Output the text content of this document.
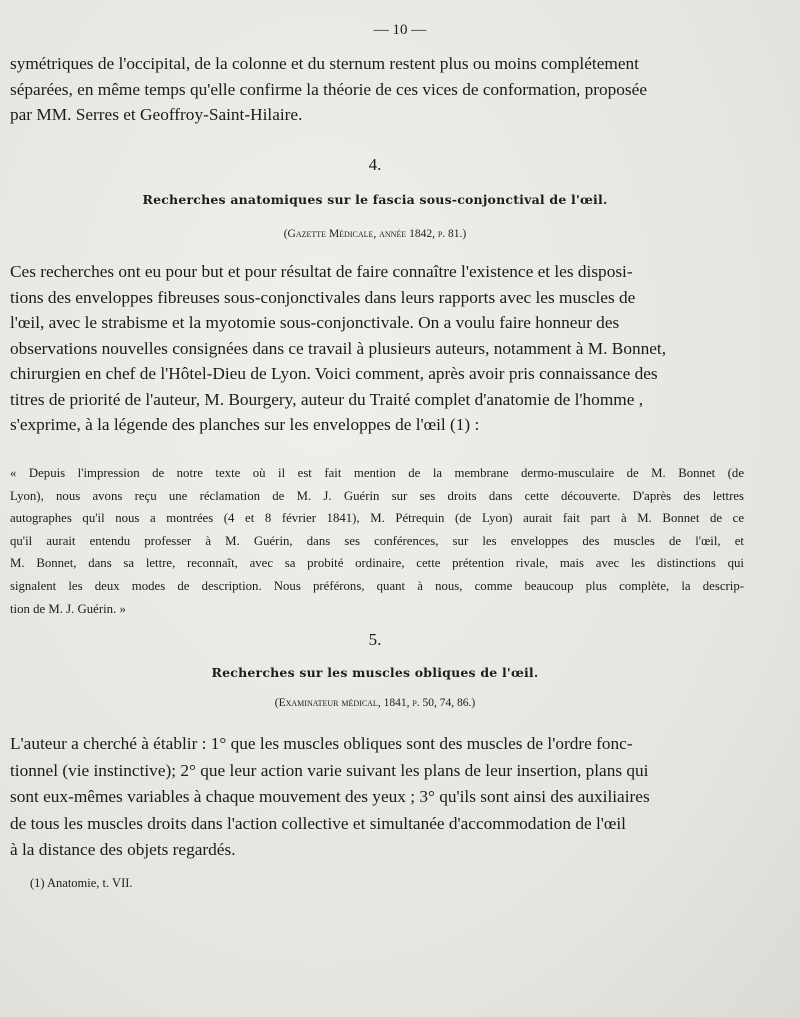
— 10 —
symétriques de l'occipital, de la colonne et du sternum restent plus ou moins complétement
séparées, en même temps qu'elle confirme la théorie de ces vices de conformation, proposée
par MM. Serres et Geoffroy-Saint-Hilaire.
4.
Recherches anatomiques sur le fascia sous-conjonctival de l'œil.
(Gazette Médicale, année 1842, p. 81.)
Ces recherches ont eu pour but et pour résultat de faire connaître l'existence et les disposi-
tions des enveloppes fibreuses sous-conjonctivales dans leurs rapports avec les muscles de
l'œil, avec le strabisme et la myotomie sous-conjonctivale. On a voulu faire honneur des
observations nouvelles consignées dans ce travail à plusieurs auteurs, notamment à M. Bonnet,
chirurgien en chef de l'Hôtel-Dieu de Lyon. Voici comment, après avoir pris connaissance des
titres de priorité de l'auteur, M. Bourgery, auteur du Traité complet d'anatomie de l'homme ,
s'exprime, à la légende des planches sur les enveloppes de l'œil (1) :
« Depuis l'impression de notre texte où il est fait mention de la membrane dermo-musculaire de M. Bonnet (de
Lyon), nous avons reçu une réclamation de M. J. Guérin sur ses droits dans cette découverte. D'après des lettres
autographes qu'il nous a montrées (4 et 8 février 1841), M. Pétrequin (de Lyon) aurait fait part à M. Bonnet de ce
qu'il aurait entendu professer à M. Guérin, dans ses conférences, sur les enveloppes des muscles de l'œil, et
M. Bonnet, dans sa lettre, reconnaît, avec sa probité ordinaire, cette prétention rivale, mais avec les distinctions qui
signalent les deux modes de description. Nous préférons, quant à nous, comme beaucoup plus complète, la descrip-
tion de M. J. Guérin. »
5.
Recherches sur les muscles obliques de l'œil.
(Examinateur médical, 1841, p. 50, 74, 86.)
L'auteur a cherché à établir : 1° que les muscles obliques sont des muscles de l'ordre fonc-
tionnel (vie instinctive); 2° que leur action varie suivant les plans de leur insertion, plans qui
sont eux-mêmes variables à chaque mouvement des yeux ; 3° qu'ils sont ainsi des auxiliaires
de tous les muscles droits dans l'action collective et simultanée d'accommodation de l'œil
à la distance des objets regardés.
(1) Anatomie, t. VII.
